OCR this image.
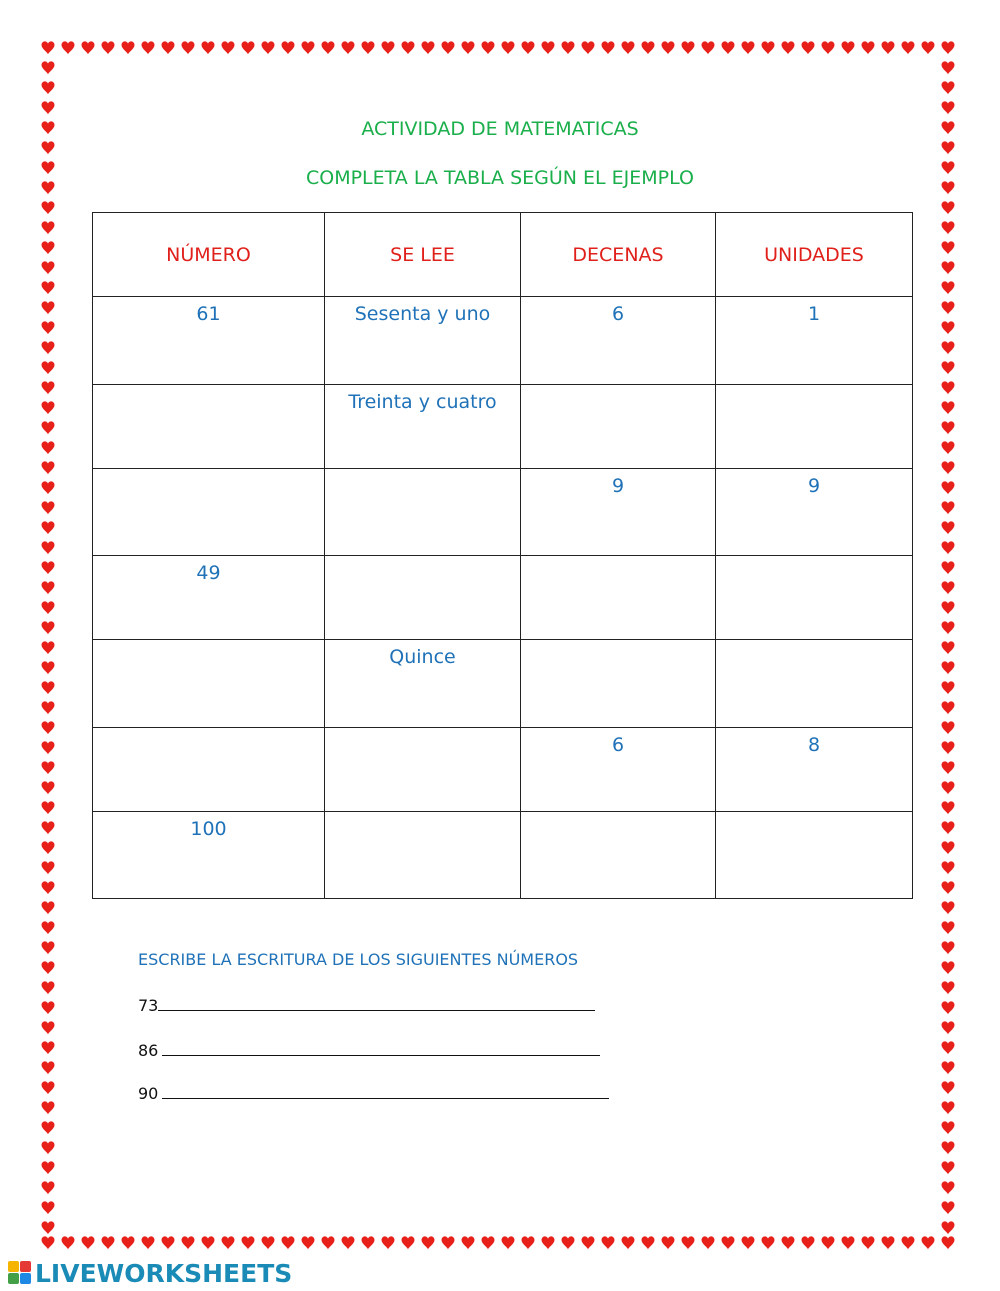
ACTIVIDAD DE MATEMATICAS
COMPLETA LA TABLA SEGÚN EL EJEMPLO
NÚMERO	SE LEE	DECENAS	UNIDADES
61	Sesenta y uno	6	1
	Treinta y cuatro		
		9	9
49			
	Quince		
		6	8
100			
ESCRIBE LA ESCRITURA DE LOS SIGUIENTES NÚMEROS
73
86
90
LIVEWORKSHEETS
